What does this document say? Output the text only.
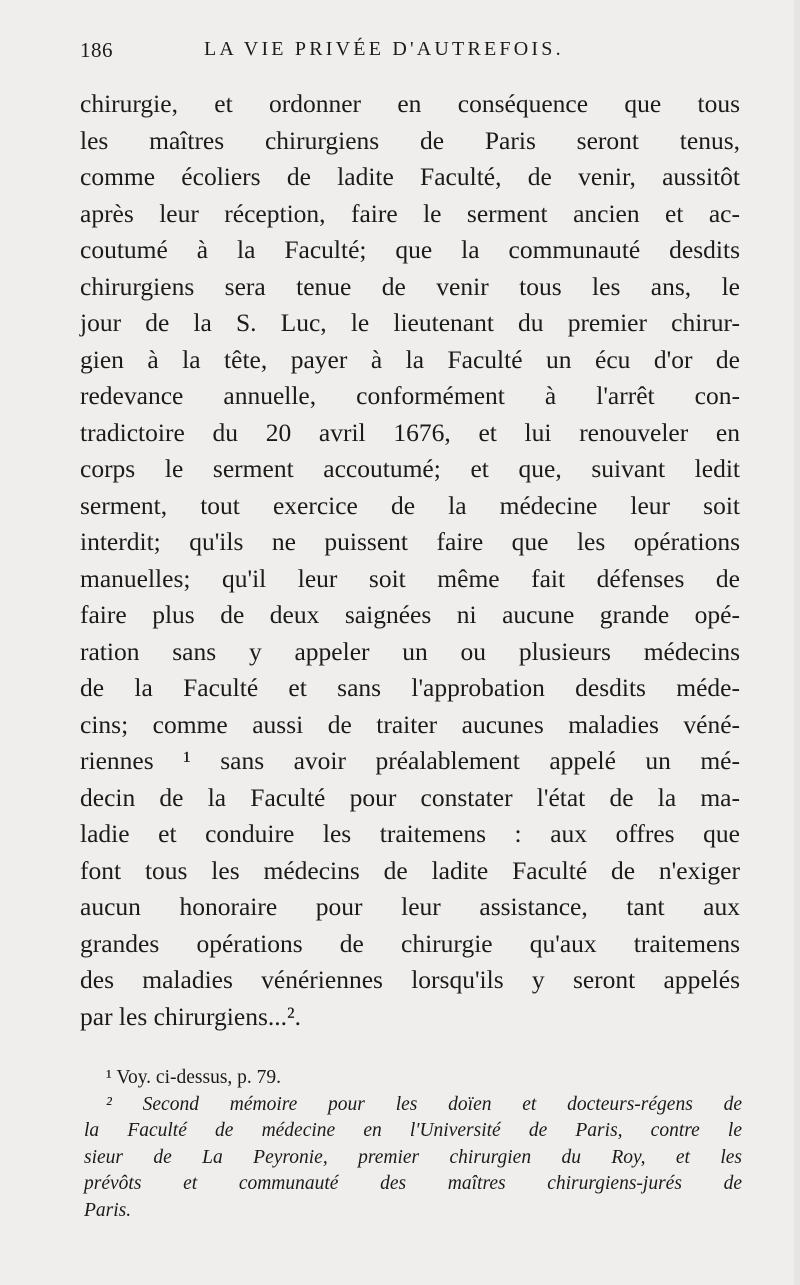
186	LA VIE PRIVÉE D'AUTREFOIS.
chirurgie, et ordonner en conséquence que tous
les maîtres chirurgiens de Paris seront tenus,
comme écoliers de ladite Faculté, de venir, aussitôt
après leur réception, faire le serment ancien et ac-
coutumé à la Faculté; que la communauté desdits
chirurgiens sera tenue de venir tous les ans, le
jour de la S. Luc, le lieutenant du premier chirur-
gien à la tête, payer à la Faculté un écu d'or de
redevance annuelle, conformément à l'arrêt con-
tradictoire du 20 avril 1676, et lui renouveler en
corps le serment accoutumé; et que, suivant ledit
serment, tout exercice de la médecine leur soit
interdit; qu'ils ne puissent faire que les opérations
manuelles; qu'il leur soit même fait défenses de
faire plus de deux saignées ni aucune grande opé-
ration sans y appeler un ou plusieurs médecins
de la Faculté et sans l'approbation desdits méde-
cins; comme aussi de traiter aucunes maladies véné-
riennes ¹ sans avoir préalablement appelé un mé-
decin de la Faculté pour constater l'état de la ma-
ladie et conduire les traitemens : aux offres que
font tous les médecins de ladite Faculté de n'exiger
aucun honoraire pour leur assistance, tant aux
grandes opérations de chirurgie qu'aux traitemens
des maladies vénériennes lorsqu'ils y seront appelés
par les chirurgiens...².
¹ Voy. ci-dessus, p. 79.
² Second mémoire pour les doïen et docteurs-régens de
la Faculté de médecine en l'Université de Paris, contre le
sieur de La Peyronie, premier chirurgien du Roy, et les
prévôts et communauté des maîtres chirurgiens-jurés de
Paris.
